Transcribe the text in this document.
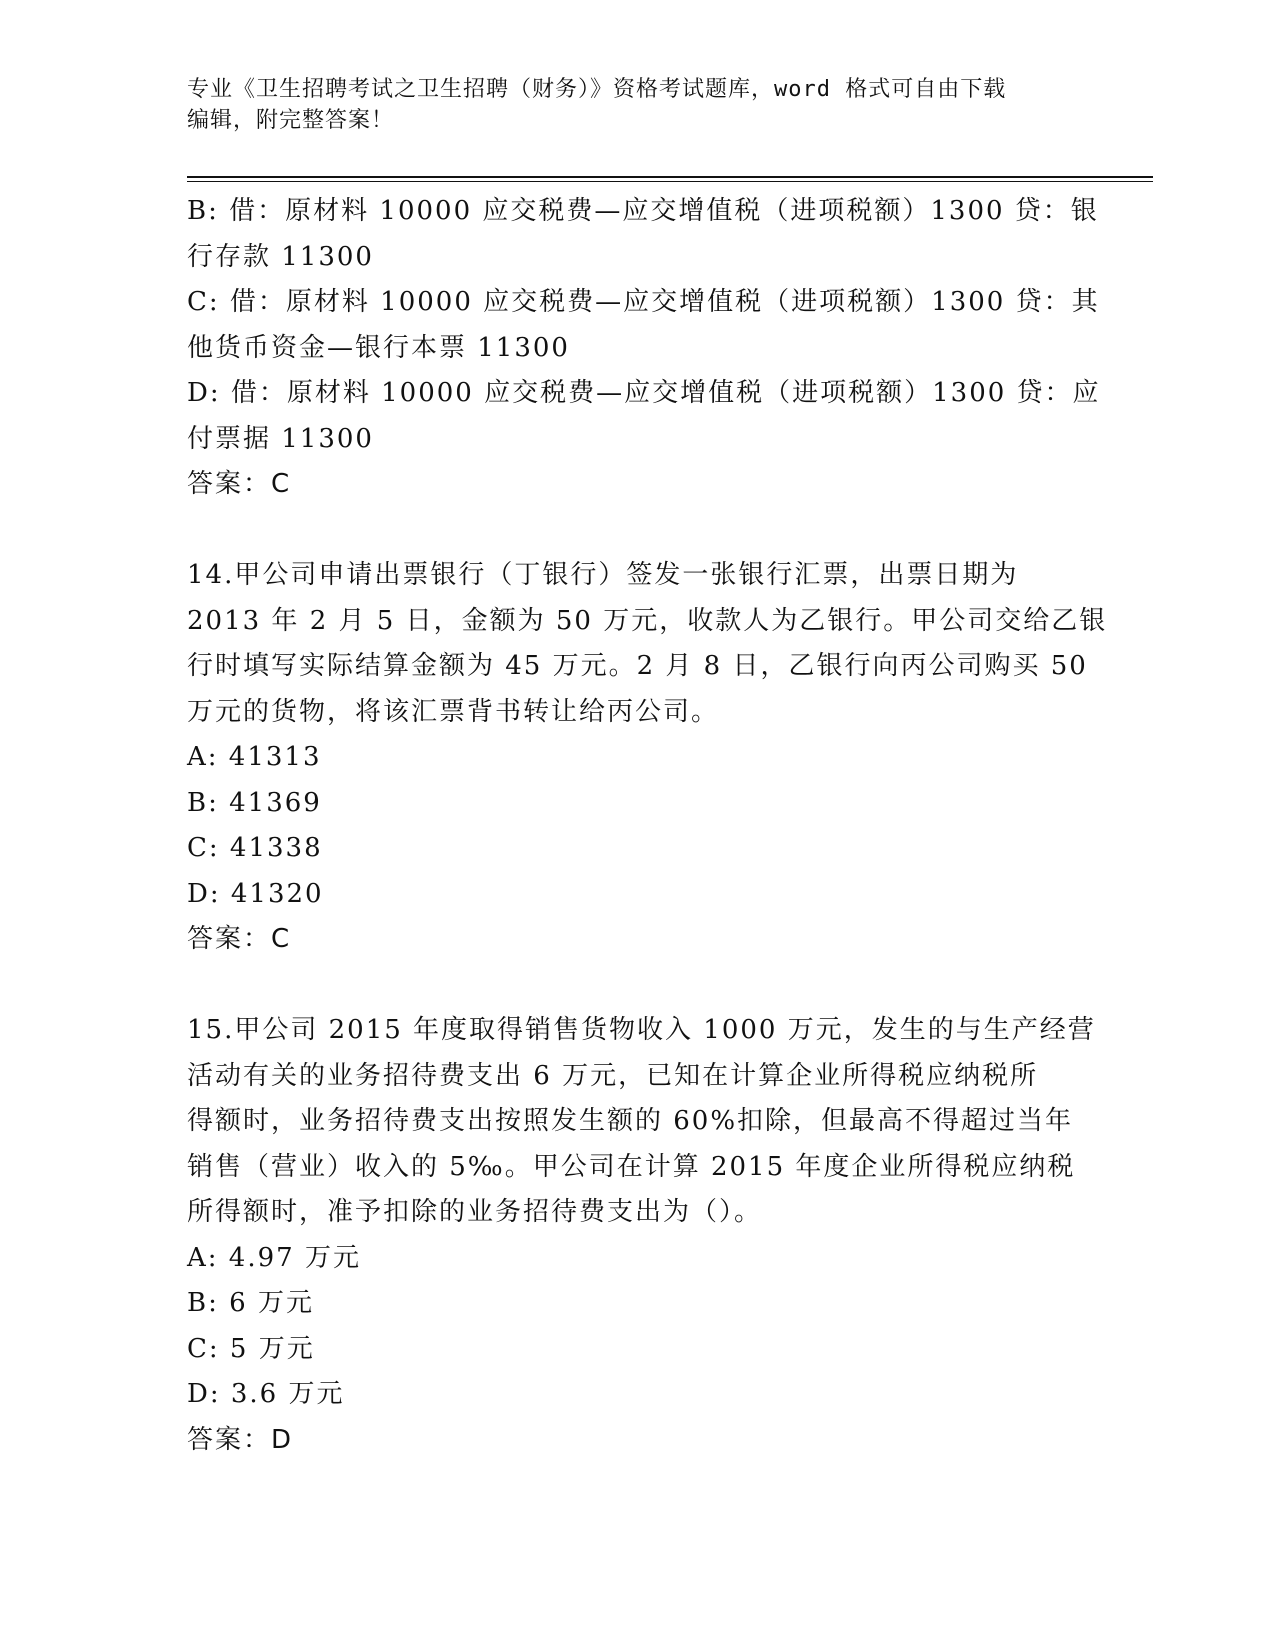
专业《卫生招聘考试之卫生招聘（财务）》资格考试题库，word 格式可自由下载
编辑，附完整答案！
B: 借：原材料 10000 应交税费—应交增值税（进项税额）1300 贷：银
行存款 11300
C: 借：原材料 10000 应交税费—应交增值税（进项税额）1300 贷：其
他货币资金—银行本票 11300
D: 借：原材料 10000 应交税费—应交增值税（进项税额）1300 贷：应
付票据 11300
答案：C
14.甲公司申请出票银行（丁银行）签发一张银行汇票，出票日期为
2013 年 2 月 5 日，金额为 50 万元，收款人为乙银行。甲公司交给乙银
行时填写实际结算金额为 45 万元。2 月 8 日，乙银行向丙公司购买 50
万元的货物，将该汇票背书转让给丙公司。
A: 41313
B: 41369
C: 41338
D: 41320
答案：C
15.甲公司 2015 年度取得销售货物收入 1000 万元，发生的与生产经营
活动有关的业务招待费支出 6 万元，已知在计算企业所得税应纳税所
得额时，业务招待费支出按照发生额的 60%扣除，但最高不得超过当年
销售（营业）收入的 5‰。甲公司在计算 2015 年度企业所得税应纳税
所得额时，准予扣除的业务招待费支出为（）。
A: 4.97 万元
B: 6 万元
C: 5 万元
D: 3.6 万元
答案：D
